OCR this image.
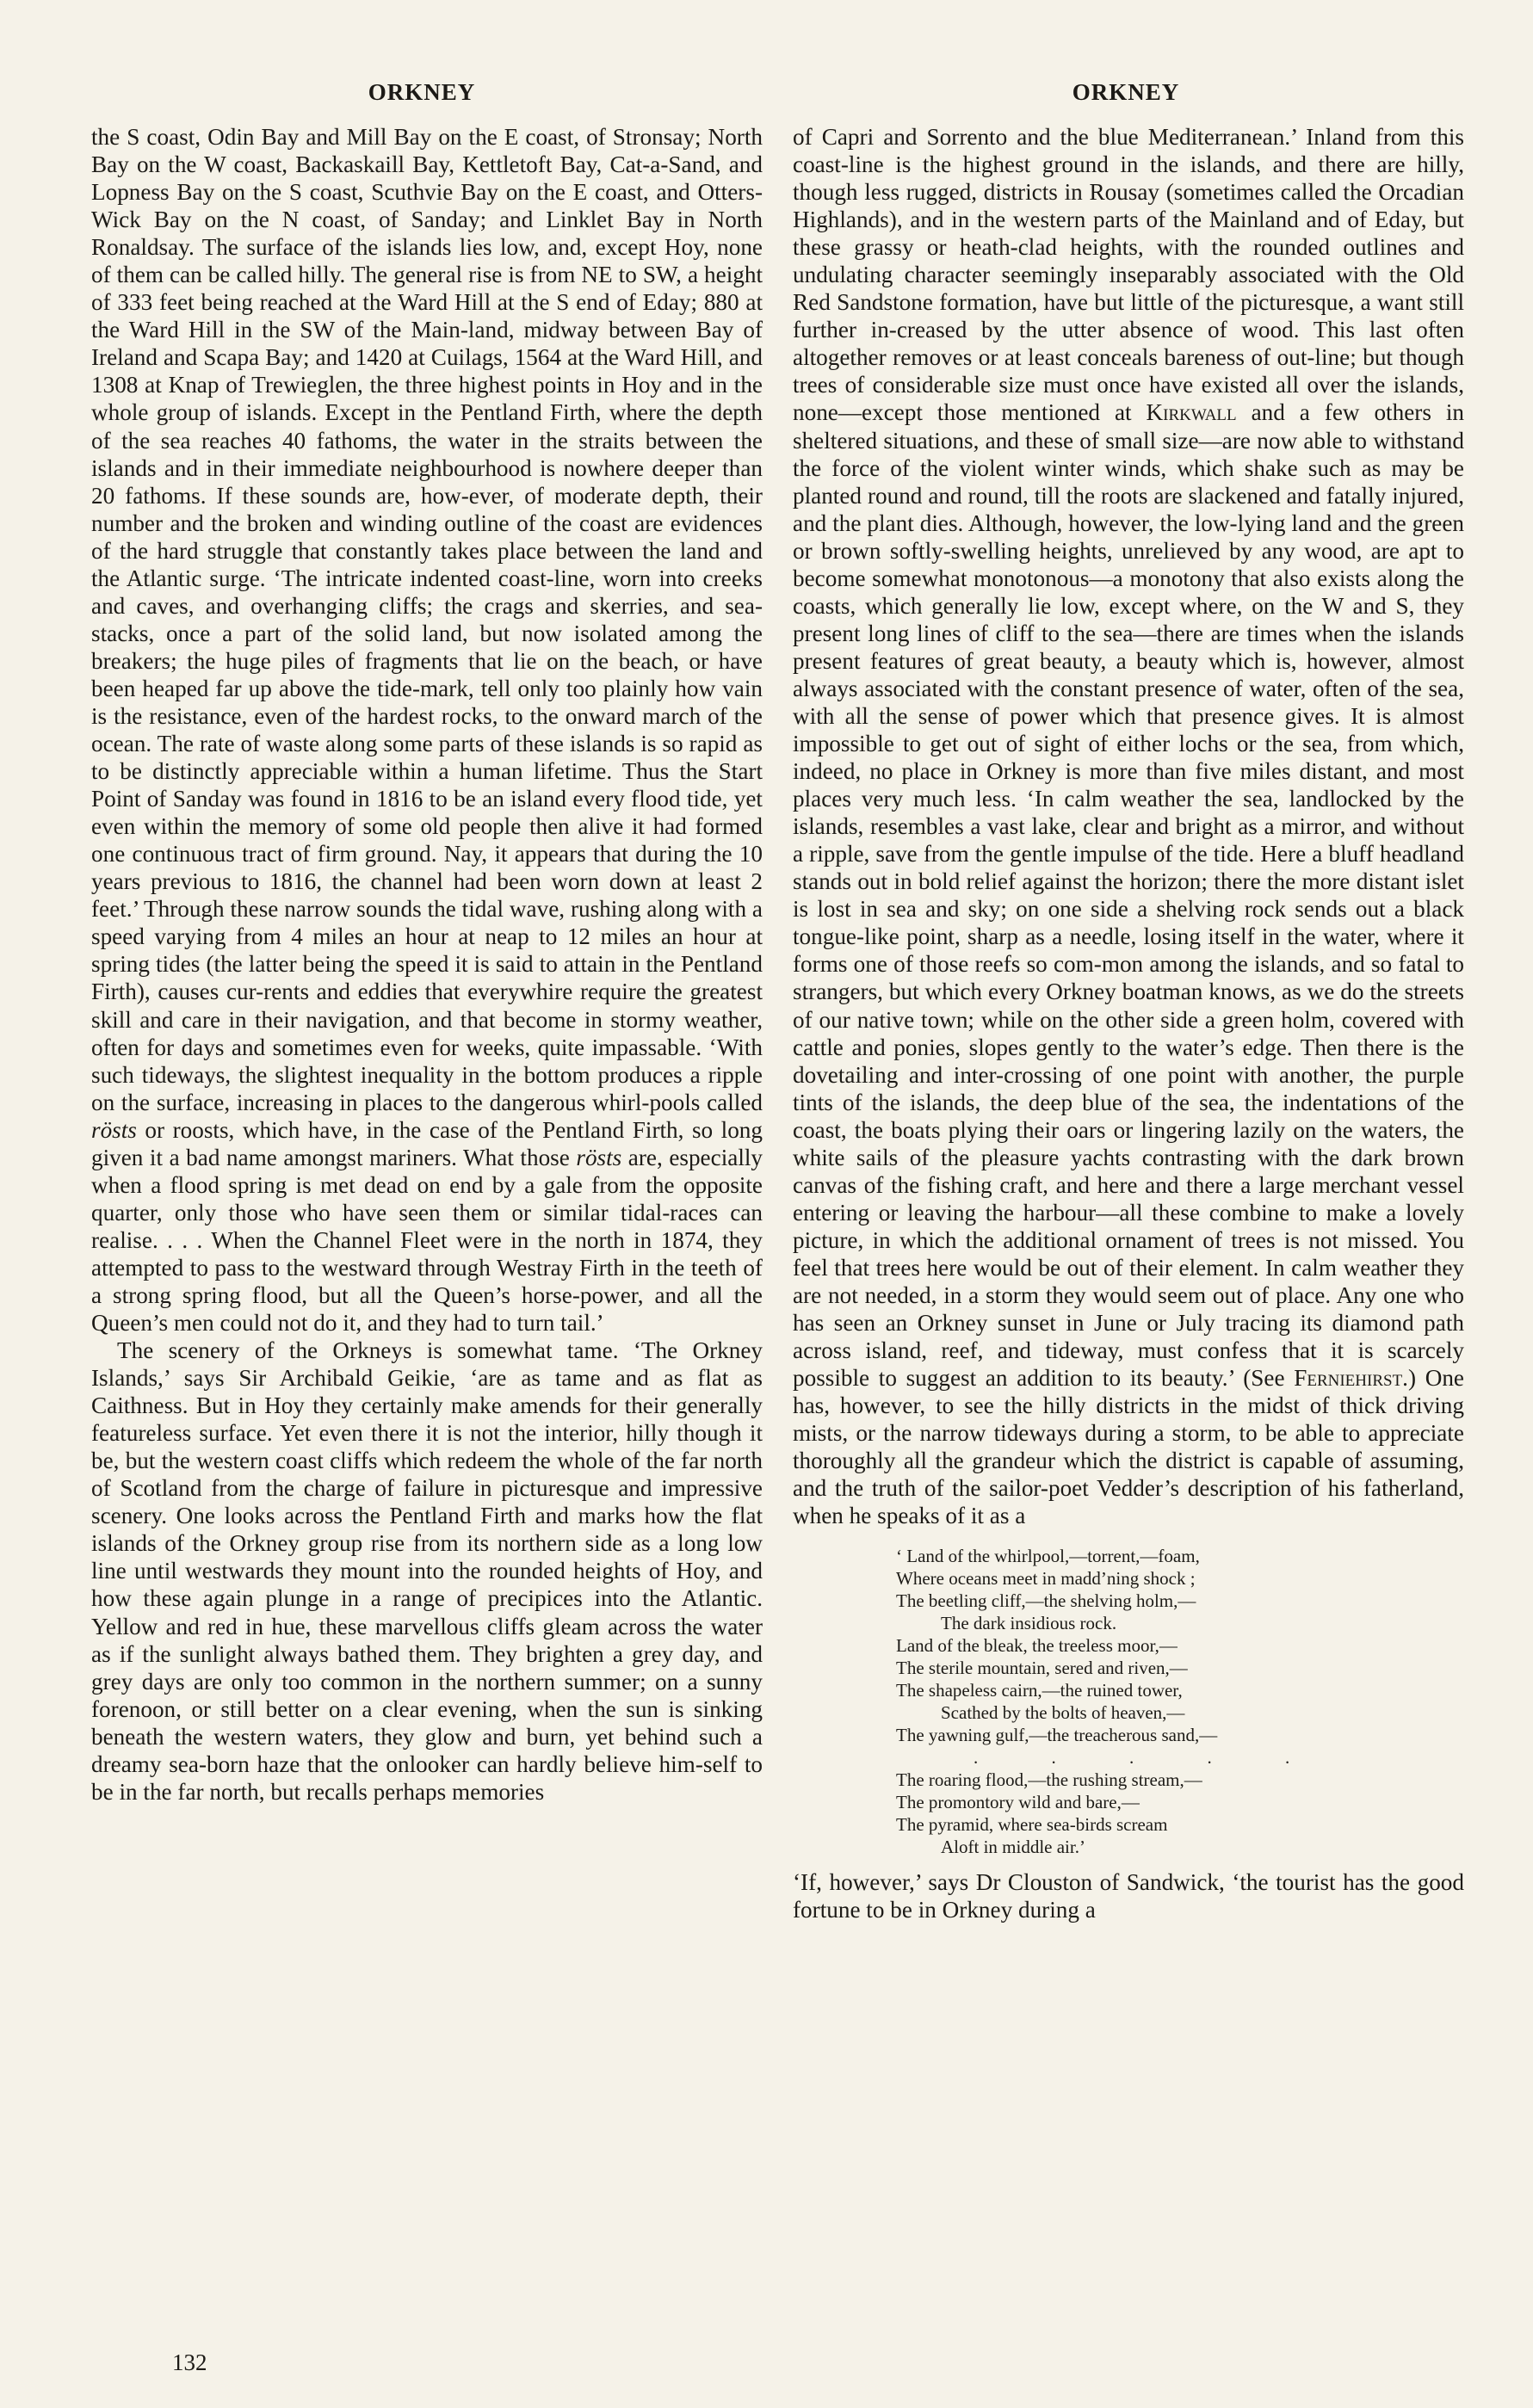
ORKNEY	ORKNEY

the S coast, Odin Bay and Mill Bay on the E coast, of Stronsay; North Bay on the W coast, Backaskaill Bay, Kettletoft Bay, Cat-a-Sand, and Lopness Bay on the S coast, Scuthvie Bay on the E coast, and Otters-Wick Bay on the N coast, of Sanday; and Linklet Bay in North Ronaldsay. The surface of the islands lies low, and, except Hoy, none of them can be called hilly. The general rise is from NE to SW, a height of 333 feet being reached at the Ward Hill at the S end of Eday; 880 at the Ward Hill in the SW of the Main-land, midway between Bay of Ireland and Scapa Bay; and 1420 at Cuilags, 1564 at the Ward Hill, and 1308 at Knap of Trewieglen, the three highest points in Hoy and in the whole group of islands. Except in the Pentland Firth, where the depth of the sea reaches 40 fathoms, the water in the straits between the islands and in their immediate neighbourhood is nowhere deeper than 20 fathoms. If these sounds are, how-ever, of moderate depth, their number and the broken and winding outline of the coast are evidences of the hard struggle that constantly takes place between the land and the Atlantic surge. ‘The intricate indented coast-line, worn into creeks and caves, and overhanging cliffs; the crags and skerries, and sea-stacks, once a part of the solid land, but now isolated among the breakers; the huge piles of fragments that lie on the beach, or have been heaped far up above the tide-mark, tell only too plainly how vain is the resistance, even of the hardest rocks, to the onward march of the ocean. The rate of waste along some parts of these islands is so rapid as to be distinctly appreciable within a human lifetime. Thus the Start Point of Sanday was found in 1816 to be an island every flood tide, yet even within the memory of some old people then alive it had formed one continuous tract of firm ground. Nay, it appears that during the 10 years previous to 1816, the channel had been worn down at least 2 feet.’ Through these narrow sounds the tidal wave, rushing along with a speed varying from 4 miles an hour at neap to 12 miles an hour at spring tides (the latter being the speed it is said to attain in the Pentland Firth), causes cur-rents and eddies that everywhire require the greatest skill and care in their navigation, and that become in stormy weather, often for days and sometimes even for weeks, quite impassable. ‘With such tideways, the slightest inequality in the bottom produces a ripple on the surface, increasing in places to the dangerous whirl-pools called rösts or roosts, which have, in the case of the Pentland Firth, so long given it a bad name amongst mariners. What those rösts are, especially when a flood spring is met dead on end by a gale from the opposite quarter, only those who have seen them or similar tidal-races can realise. . . . When the Channel Fleet were in the north in 1874, they attempted to pass to the westward through Westray Firth in the teeth of a strong spring flood, but all the Queen’s horse-power, and all the Queen’s men could not do it, and they had to turn tail.’

The scenery of the Orkneys is somewhat tame. ‘The Orkney Islands,’ says Sir Archibald Geikie, ‘are as tame and as flat as Caithness. But in Hoy they certainly make amends for their generally featureless surface. Yet even there it is not the interior, hilly though it be, but the western coast cliffs which redeem the whole of the far north of Scotland from the charge of failure in picturesque and impressive scenery. One looks across the Pentland Firth and marks how the flat islands of the Orkney group rise from its northern side as a long low line until westwards they mount into the rounded heights of Hoy, and how these again plunge in a range of precipices into the Atlantic. Yellow and red in hue, these marvellous cliffs gleam across the water as if the sunlight always bathed them. They brighten a grey day, and grey days are only too common in the northern summer; on a sunny forenoon, or still better on a clear evening, when the sun is sinking beneath the western waters, they glow and burn, yet behind such a dreamy sea-born haze that the onlooker can hardly believe him-self to be in the far north, but recalls perhaps memories

of Capri and Sorrento and the blue Mediterranean.’ Inland from this coast-line is the highest ground in the islands, and there are hilly, though less rugged, districts in Rousay (sometimes called the Orcadian Highlands), and in the western parts of the Mainland and of Eday, but these grassy or heath-clad heights, with the rounded outlines and undulating character seemingly inseparably associated with the Old Red Sandstone formation, have but little of the picturesque, a want still further in-creased by the utter absence of wood. This last often altogether removes or at least conceals bareness of out-line; but though trees of considerable size must once have existed all over the islands, none—except those mentioned at Kirkwall and a few others in sheltered situations, and these of small size—are now able to withstand the force of the violent winter winds, which shake such as may be planted round and round, till the roots are slackened and fatally injured, and the plant dies. Although, however, the low-lying land and the green or brown softly-swelling heights, unrelieved by any wood, are apt to become somewhat monotonous—a monotony that also exists along the coasts, which generally lie low, except where, on the W and S, they present long lines of cliff to the sea—there are times when the islands present features of great beauty, a beauty which is, however, almost always associated with the constant presence of water, often of the sea, with all the sense of power which that presence gives. It is almost impossible to get out of sight of either lochs or the sea, from which, indeed, no place in Orkney is more than five miles distant, and most places very much less. ‘In calm weather the sea, landlocked by the islands, resembles a vast lake, clear and bright as a mirror, and without a ripple, save from the gentle impulse of the tide. Here a bluff headland stands out in bold relief against the horizon; there the more distant islet is lost in sea and sky; on one side a shelving rock sends out a black tongue-like point, sharp as a needle, losing itself in the water, where it forms one of those reefs so com-mon among the islands, and so fatal to strangers, but which every Orkney boatman knows, as we do the streets of our native town; while on the other side a green holm, covered with cattle and ponies, slopes gently to the water’s edge. Then there is the dovetailing and inter-crossing of one point with another, the purple tints of the islands, the deep blue of the sea, the indentations of the coast, the boats plying their oars or lingering lazily on the waters, the white sails of the pleasure yachts contrasting with the dark brown canvas of the fishing craft, and here and there a large merchant vessel entering or leaving the harbour—all these combine to make a lovely picture, in which the additional ornament of trees is not missed. You feel that trees here would be out of their element. In calm weather they are not needed, in a storm they would seem out of place. Any one who has seen an Orkney sunset in June or July tracing its diamond path across island, reef, and tideway, must confess that it is scarcely possible to suggest an addition to its beauty.’ (See Ferniehirst.) One has, however, to see the hilly districts in the midst of thick driving mists, or the narrow tideways during a storm, to be able to appreciate thoroughly all the grandeur which the district is capable of assuming, and the truth of the sailor-poet Vedder’s description of his fatherland, when he speaks of it as a

‘ Land of the whirlpool,—torrent,—foam,
Where oceans meet in madd’ning shock ;
The beetling cliff,—the shelving holm,—
The dark insidious rock.
Land of the bleak, the treeless moor,—
The sterile mountain, sered and riven,—
The shapeless cairn,—the ruined tower,
Scathed by the bolts of heaven,—
The yawning gulf,—the treacherous sand,—
. . . . .
The roaring flood,—the rushing stream,—
The promontory wild and bare,—
The pyramid, where sea-birds scream
Aloft in middle air.’

‘If, however,’ says Dr Clouston of Sandwick, ‘the tourist has the good fortune to be in Orkney during a

132
